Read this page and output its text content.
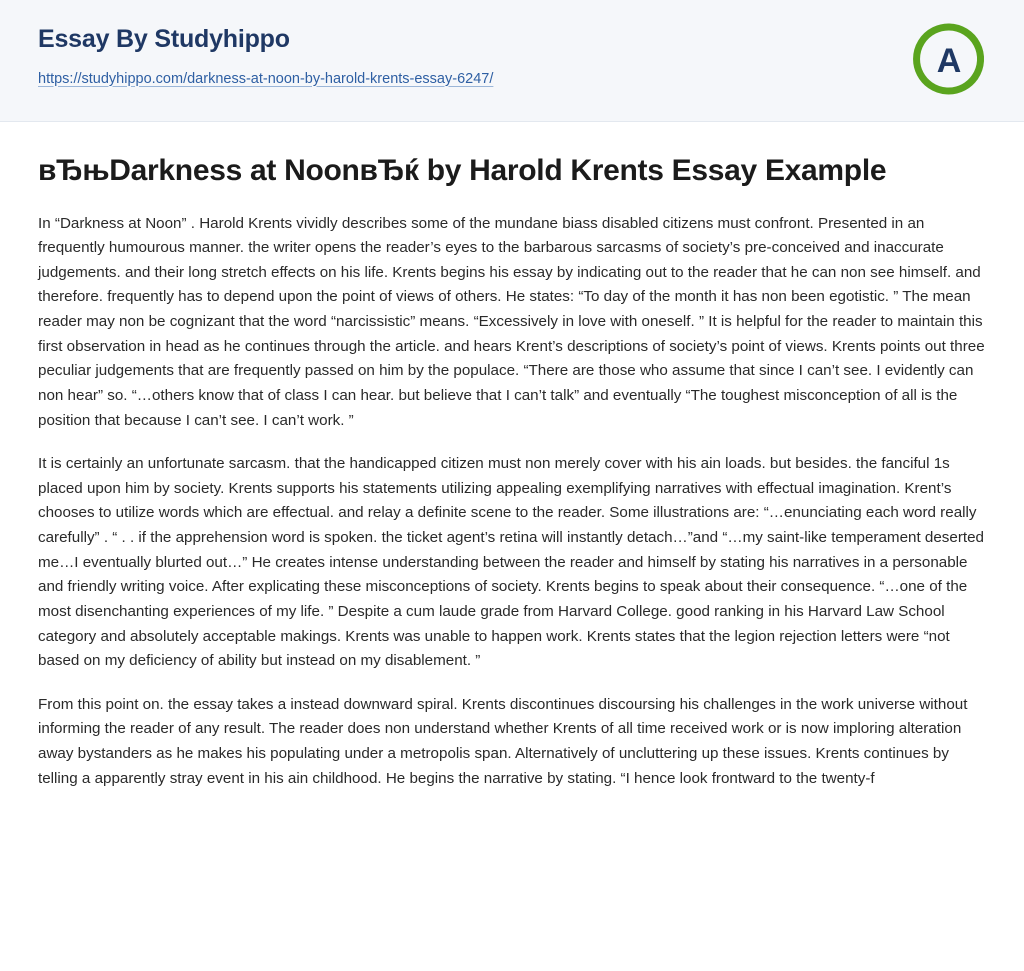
Essay By Studyhippo
https://studyhippo.com/darkness-at-noon-by-harold-krents-essay-6247/	A
вЂњDarkness at NoonвЂќ by Harold Krents Essay Example

In “Darkness at Noon” . Harold Krents vividly describes some of the mundane biass disabled citizens must confront. Presented in an frequently humourous manner. the writer opens the reader’s eyes to the barbarous sarcasms of society’s pre-conceived and inaccurate judgements. and their long stretch effects on his life. Krents begins his essay by indicating out to the reader that he can non see himself. and therefore. frequently has to depend upon the point of views of others. He states: “To day of the month it has non been egotistic. ” The mean reader may non be cognizant that the word “narcissistic” means. “Excessively in love with oneself. ” It is helpful for the reader to maintain this first observation in head as he continues through the article. and hears Krent’s descriptions of society’s point of views. Krents points out three peculiar judgements that are frequently passed on him by the populace. “There are those who assume that since I can’t see. I evidently can non hear” so. “…others know that of class I can hear. but believe that I can’t talk” and eventually “The toughest misconception of all is the position that because I can’t see. I can’t work. ”

It is certainly an unfortunate sarcasm. that the handicapped citizen must non merely cover with his ain loads. but besides. the fanciful 1s placed upon him by society. Krents supports his statements utilizing appealing exemplifying narratives with effectual imagination. Krent’s chooses to utilize words which are effectual. and relay a definite scene to the reader. Some illustrations are: “…enunciating each word really carefully” . “ . . if the apprehension word is spoken. the ticket agent’s retina will instantly detach…”and “…my saint-like temperament deserted me…I eventually blurted out…” He creates intense understanding between the reader and himself by stating his narratives in a personable and friendly writing voice. After explicating these misconceptions of society. Krents begins to speak about their consequence. “…one of the most disenchanting experiences of my life. ” Despite a cum laude grade from Harvard College. good ranking in his Harvard Law School category and absolutely acceptable makings. Krents was unable to happen work. Krents states that the legion rejection letters were “not based on my deficiency of ability but instead on my disablement. ”

From this point on. the essay takes a instead downward spiral. Krents discontinues discoursing his challenges in the work universe without informing the reader of any result. The reader does non understand whether Krents of all time received work or is now imploring alteration away bystanders as he makes his populating under a metropolis span. Alternatively of uncluttering up these issues. Krents continues by telling a apparently stray event in his ain childhood. He begins the narrative by stating. “I hence look frontward to the twenty-f
